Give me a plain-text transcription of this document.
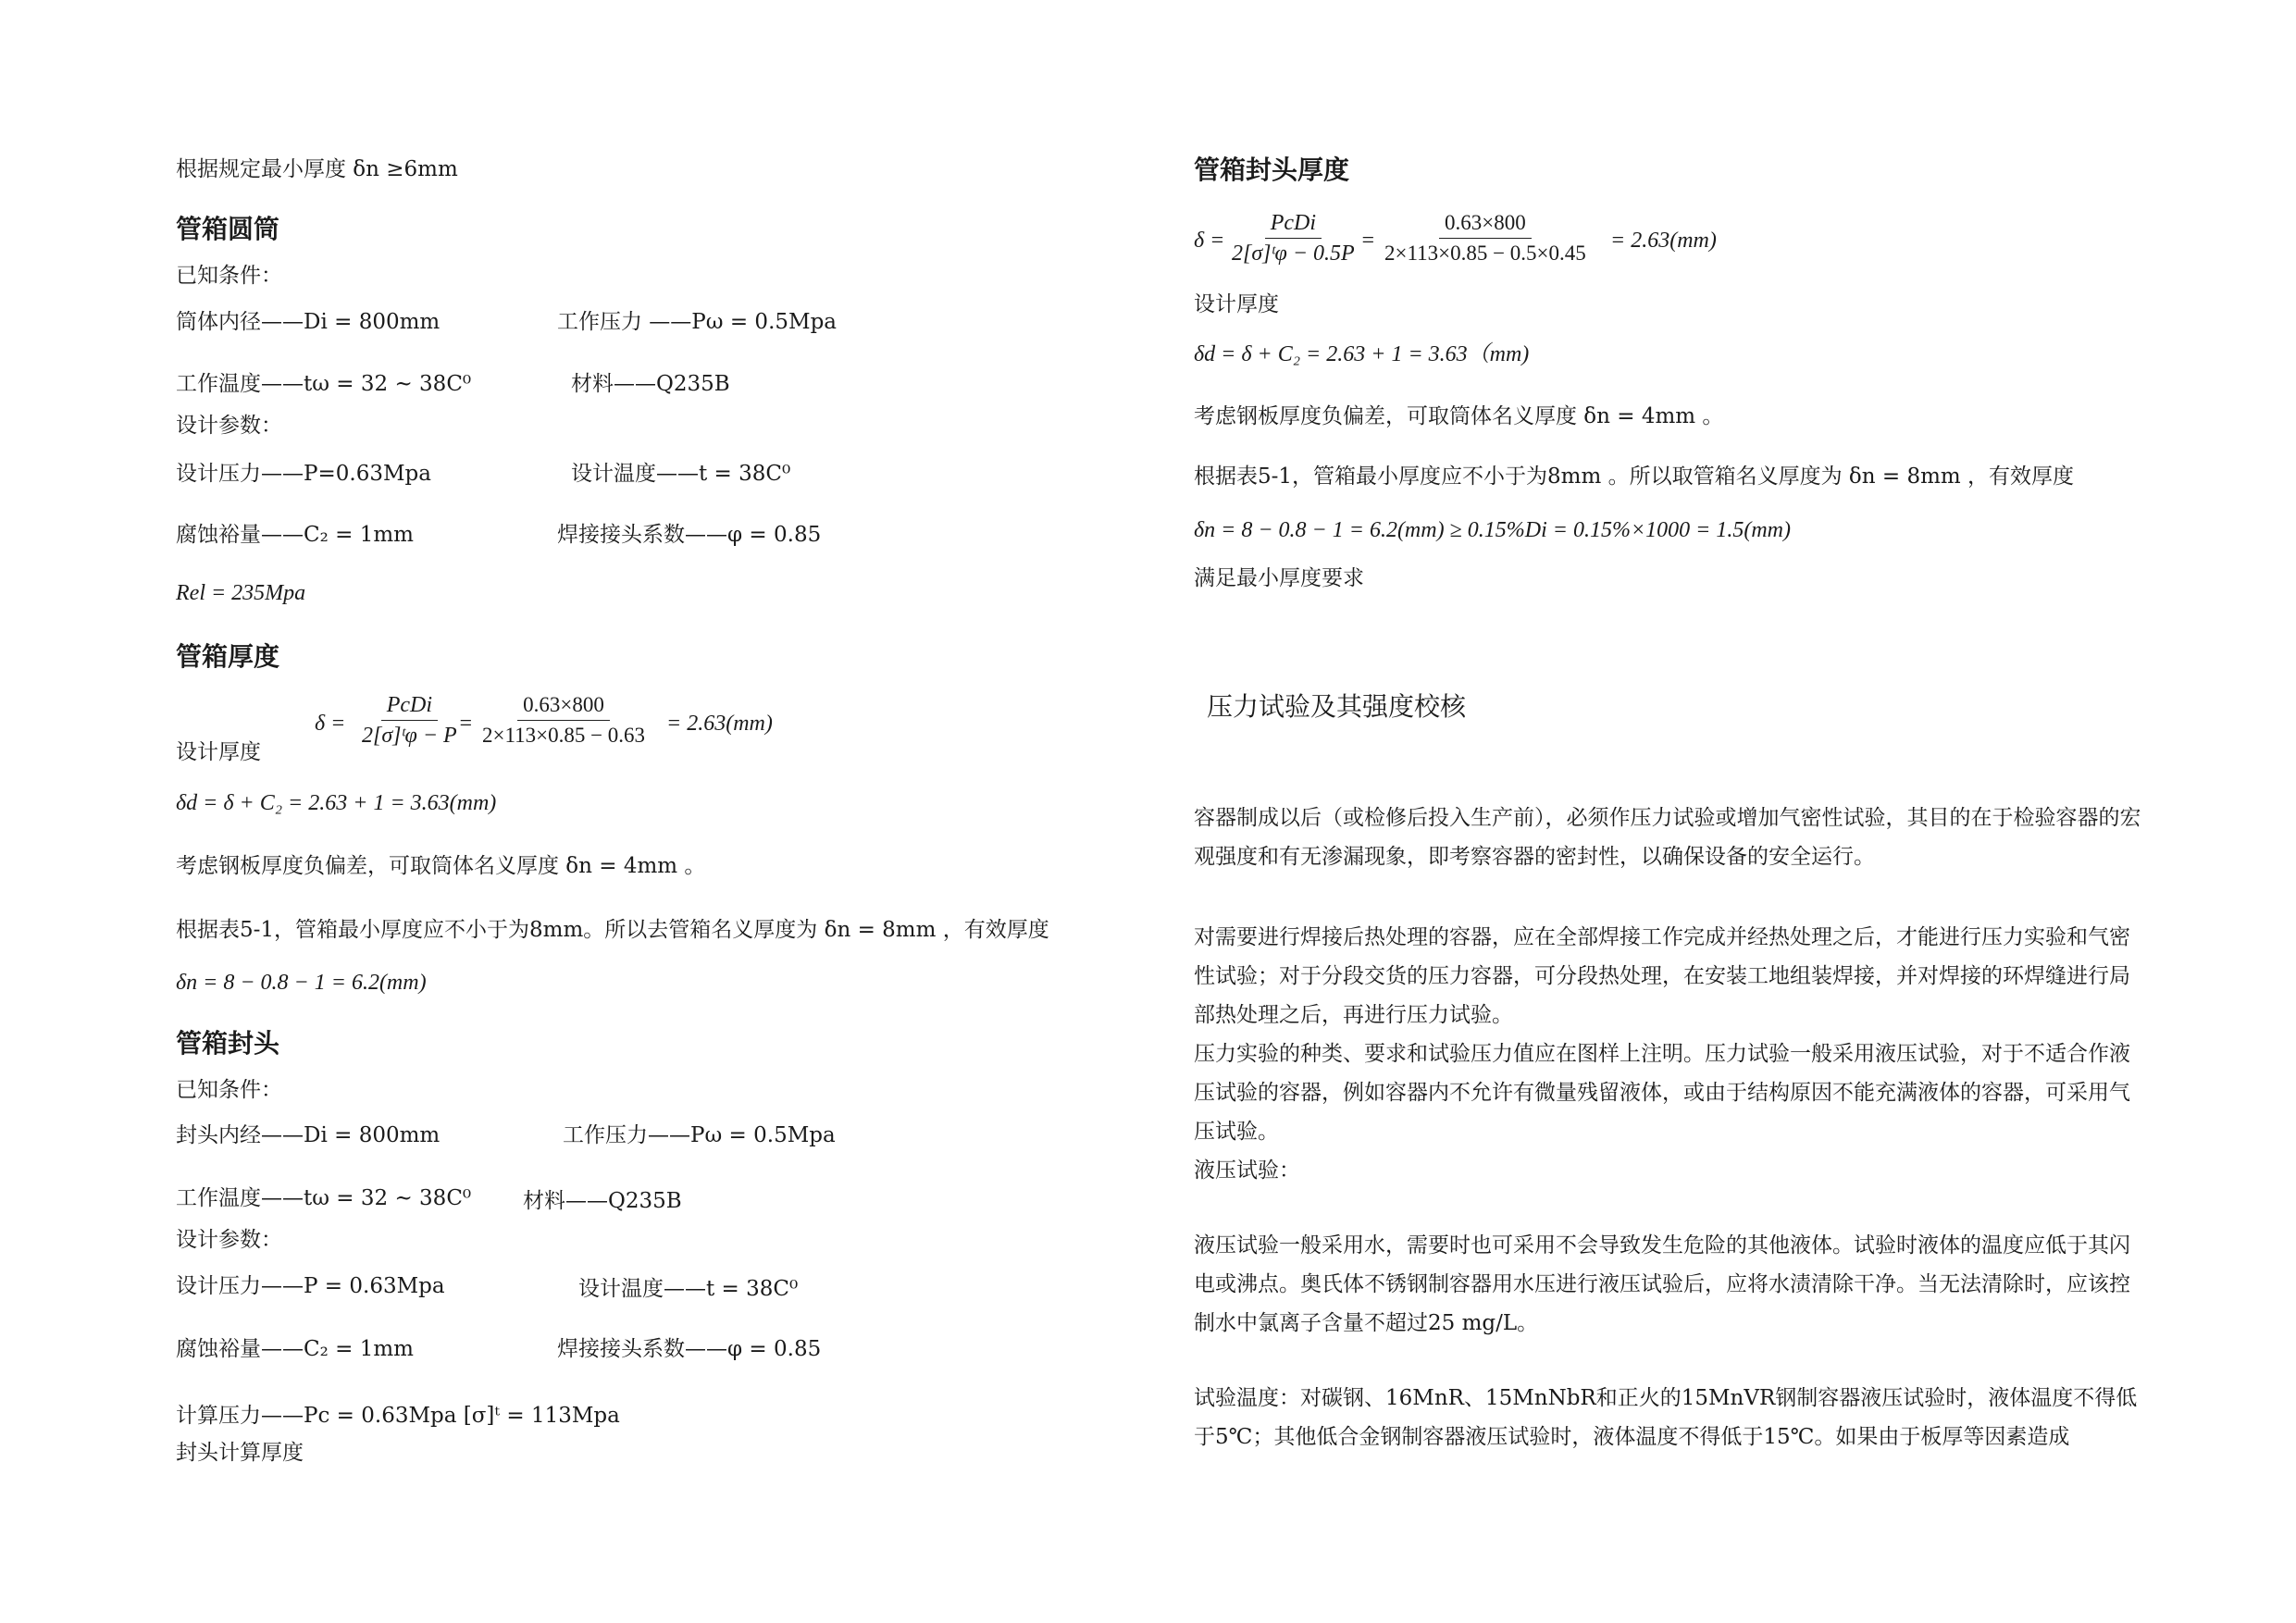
根据规定最小厚度 δn ≥6mm
管箱圆筒
已知条件：
筒体内径——Di = 800mm	工作压力 ——Pω = 0.5Mpa
工作温度——tω = 32 ~ 38C⁰	材料——Q235B
设计参数：
设计压力——P=0.63Mpa	设计温度——t = 38C⁰
腐蚀裕量——C₂ = 1mm	焊接接头系数——φ = 0.85
Rel = 235Mpa
管箱厚度
设计厚度
δ =
PcDi
2[σ]ᵗφ − $P = \frac{0.63\times 800}{2\times 113\times 0.85 - 0.63} = 2.63(mm)$
δd = δ + C₂ = 2.63 + 1 = 3.63(mm)
考虑钢板厚度负偏差，可取筒体名义厚度 δn = 4mm 。
根据表5-1，管箱最小厚度应不小于为8mm。所以去管箱名义厚度为 δn = 8mm ，有效厚度
δn = 8 − 0.8 − 1 = 6.2(mm)
管箱封头
已知条件：
封头内经——Di = 800mm	工作压力——Pω = 0.5Mpa
工作温度——tω = 32 ~ 38C⁰ 材料——Q235B
设计参数：
设计压力——P = 0.63Mpa	设计温度——t = 38C⁰
腐蚀裕量——C₂ = 1mm	焊接接头系数——φ = 0.85
计算压力——Pc = 0.63Mpa [σ]ᵗ = 113Mpa
封头计算厚度
管箱封头厚度
δ =
PcDi
2[σ]ᵗφ − 0.5P
= $\frac{0.63\times 800}{2\times 113\times 0.85 - 0.5\times 0.45} = 2.63(mm)$
设计厚度
δd = δ + C₂ = 2.63 + 1 = 3.63（mm)
考虑钢板厚度负偏差，可取筒体名义厚度 δn = 4mm 。
根据表5-1，管箱最小厚度应不小于为8mm 。所以取管箱名义厚度为 δn = 8mm ，有效厚度
δn = 8 − 0.8 − 1 = 6.2(mm) ≥ 0.15%Di = 0.15%×1000 = 1.5(mm)
满足最小厚度要求
压力试验及其强度校核
容器制成以后（或检修后投入生产前），必须作压力试验或增加气密性试验，其目的在于检验容器的宏观强度和有无渗漏现象，即考察容器的密封性，以确保设备的安全运行。
对需要进行焊接后热处理的容器，应在全部焊接工作完成并经热处理之后，才能进行压力实验和气密性试验；对于分段交货的压力容器，可分段热处理，在安装工地组装焊接，并对焊接的环焊缝进行局部热处理之后，再进行压力试验。
压力实验的种类、要求和试验压力值应在图样上注明。压力试验一般采用液压试验，对于不适合作液压试验的容器，例如容器内不允许有微量残留液体，或由于结构原因不能充满液体的容器，可采用气压试验。
液压试验：
液压试验一般采用水，需要时也可采用不会导致发生危险的其他液体。试验时液体的温度应低于其闪电或沸点。奥氏体不锈钢制容器用水压进行液压试验后，应将水渍清除干净。当无法清除时，应该控制水中氯离子含量不超过25 mg/L。
试验温度：对碳钢、16MnR、15MnNbR和正火的15MnVR钢制容器液压试验时，液体温度不得低于5℃；其他低合金钢制容器液压试验时，液体温度不得低于15℃。如果由于板厚等因素造成
